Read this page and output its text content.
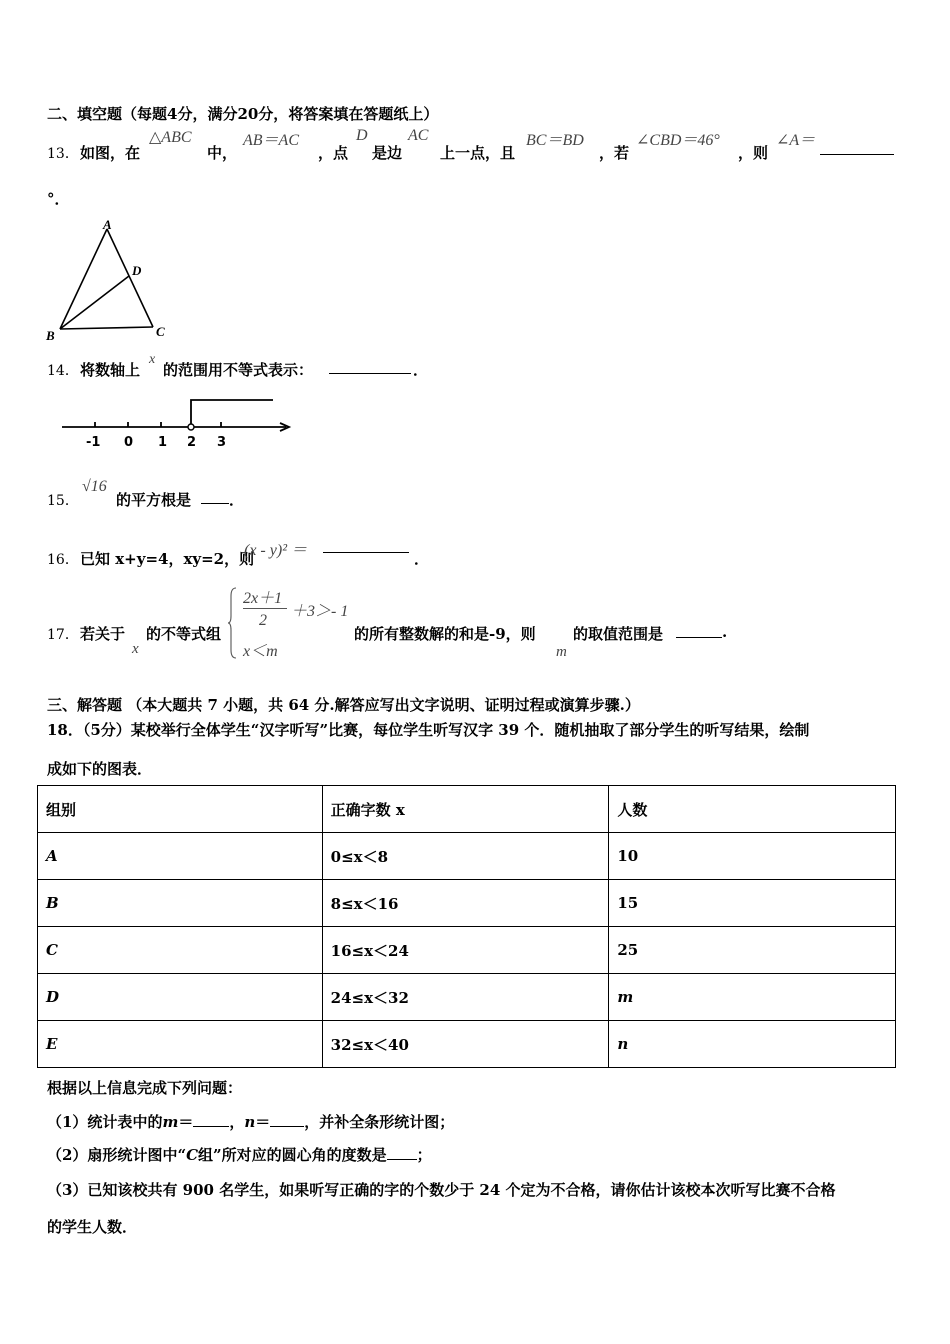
二、填空题（每题4分，满分20分，将答案填在答题纸上）
13． 如图，在
△ABC
中，
AB＝AC
，点
D
是边
AC
上一点，且
BC＝BD
，若
∠CBD＝46°
，则
∠A＝
°．
A
B	C
D
14． 将数轴上
x
的范围用不等式表示：	．
-1 0 1 2 3
15．
√16
的平方根是	．
16． 已知 x+y=4，xy=2，则
(x - y)² ＝	．
17． 若关于
x
的不等式组
2x＋1
2
＋3＞- 1
x＜m
的所有整数解的和是-9，则
m
的取值范围是	.
三、解答题 （本大题共 7 小题，共 64 分.解答应写出文字说明、证明过程或演算步骤.）
18．（5分）某校举行全体学生“汉字听写”比赛，每位学生听写汉字 39 个．随机抽取了部分学生的听写结果，绘制
成如下的图表．
组别	正确字数 x	人数
A	0≤x＜8	10
B	8≤x＜16	15
C	16≤x＜24	25
D	24≤x＜32	m
E	32≤x＜40	n
根据以上信息完成下列问题：
（1）统计表中的m＝ ，n＝ ，并补全条形统计图；
（2）扇形统计图中“C组”所对应的圆心角的度数是 ；
（3）已知该校共有 900 名学生，如果听写正确的字的个数少于 24 个定为不合格，请你估计该校本次听写比赛不合格
的学生人数．
